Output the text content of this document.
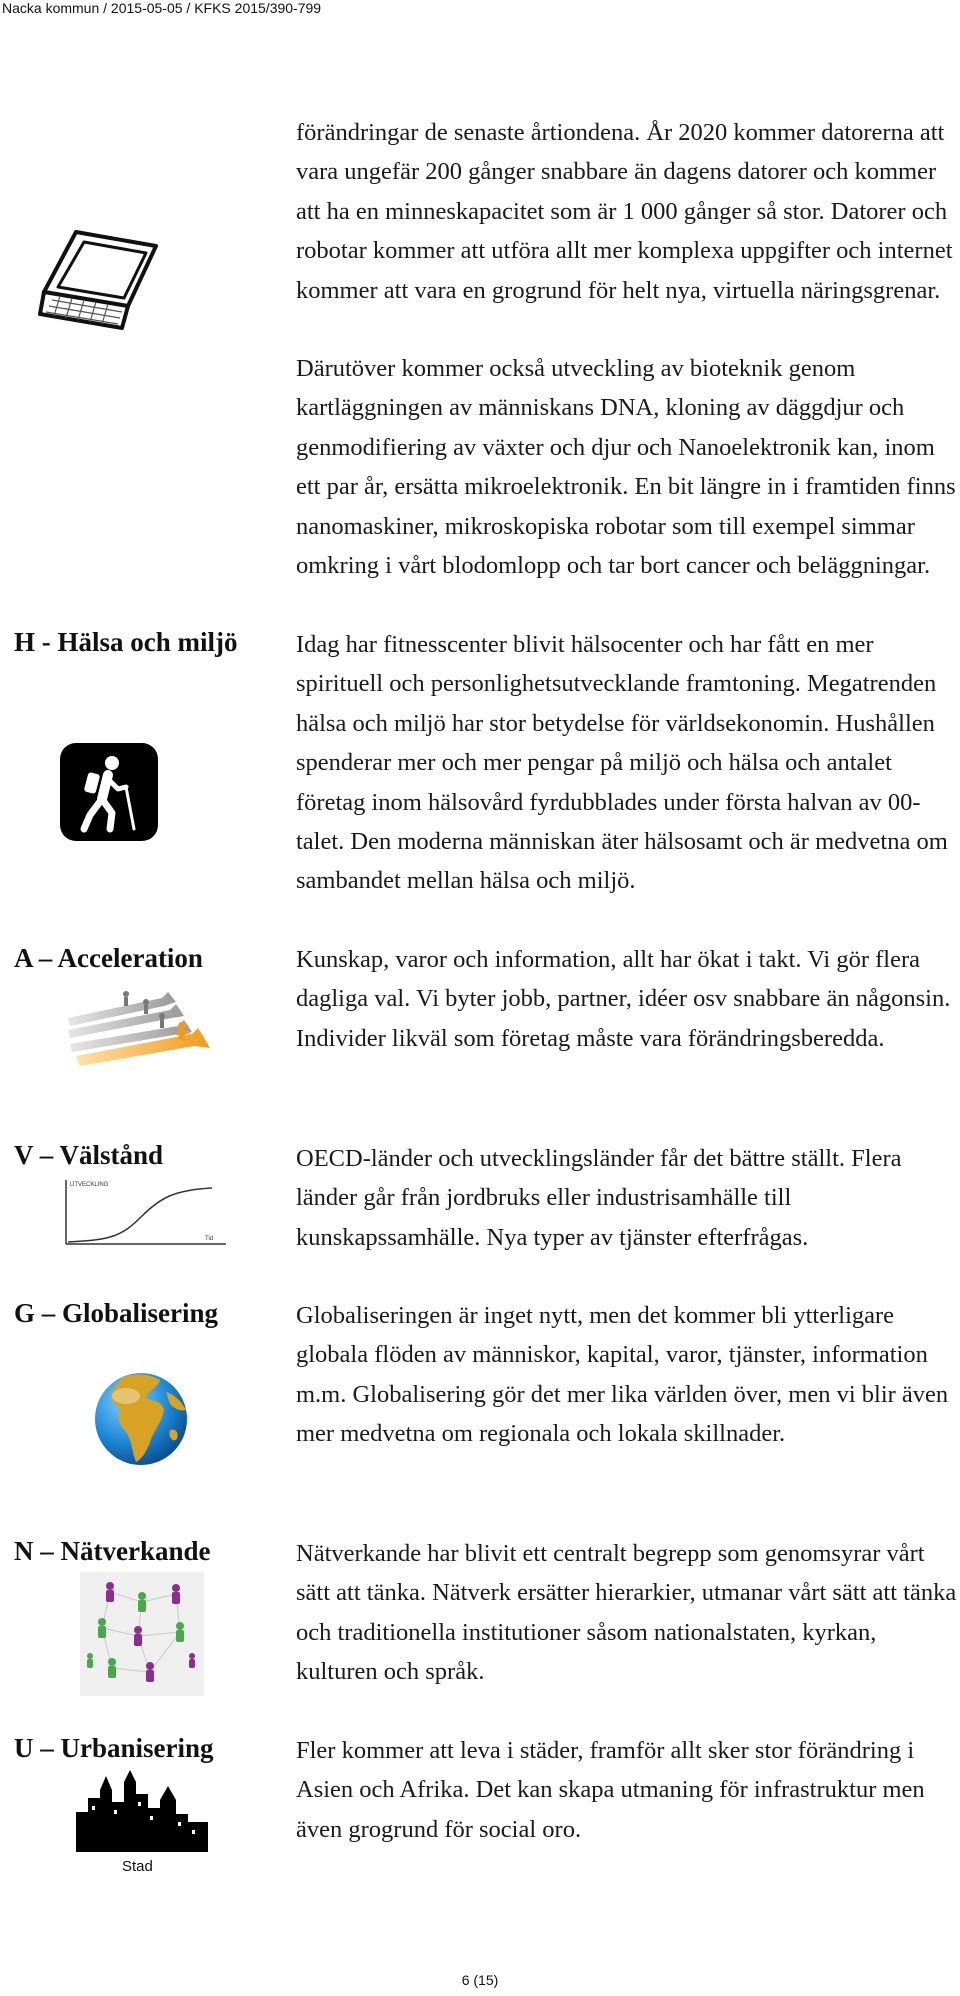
Nacka kommun / 2015-05-05 / KFKS 2015/390-799
H - Hälsa och miljö
A – Acceleration
V – Välstånd
UTVECKLING
Tid
G – Globalisering
N – Nätverkande
U – Urbanisering
Stad
förändringar de senaste årtiondena. År 2020 kommer datorerna att vara ungefär 200 gånger snabbare än dagens datorer och kommer att ha en minneskapacitet som är 1 000 gånger så stor. Datorer och robotar kommer att utföra allt mer komplexa uppgifter och internet kommer att vara en grogrund för helt nya, virtuella näringsgrenar.
Därutöver kommer också utveckling av bioteknik genom kartläggningen av människans DNA, kloning av däggdjur och genmodifiering av växter och djur och Nanoelektronik kan, inom ett par år, ersätta mikroelektronik. En bit längre in i framtiden finns nanomaskiner, mikroskopiska robotar som till exempel simmar omkring i vårt blodomlopp och tar bort cancer och beläggningar.
Idag har fitnesscenter blivit hälsocenter och har fått en mer spirituell och personlighetsutvecklande framtoning. Megatrenden hälsa och miljö har stor betydelse för världsekonomin. Hushållen spenderar mer och mer pengar på miljö och hälsa och antalet företag inom hälsovård fyrdubblades under första halvan av 00-talet. Den moderna människan äter hälsosamt och är medvetna om sambandet mellan hälsa och miljö.
Kunskap, varor och information, allt har ökat i takt. Vi gör flera dagliga val. Vi byter jobb, partner, idéer osv snabbare än någonsin. Individer likväl som företag måste vara förändringsberedda.
OECD-länder och utvecklingsländer får det bättre ställt. Flera länder går från jordbruks eller industrisamhälle till kunskapssamhälle. Nya typer av tjänster efterfrågas.
Globaliseringen är inget nytt, men det kommer bli ytterligare globala flöden av människor, kapital, varor, tjänster, information m.m. Globalisering gör det mer lika världen över, men vi blir även mer medvetna om regionala och lokala skillnader.
Nätverkande har blivit ett centralt begrepp som genomsyrar vårt sätt att tänka. Nätverk ersätter hierarkier, utmanar vårt sätt att tänka och traditionella institutioner såsom nationalstaten, kyrkan, kulturen och språk.
Fler kommer att leva i städer, framför allt sker stor förändring i Asien och Afrika. Det kan skapa utmaning för infrastruktur men även grogrund för social oro.
6 (15)
